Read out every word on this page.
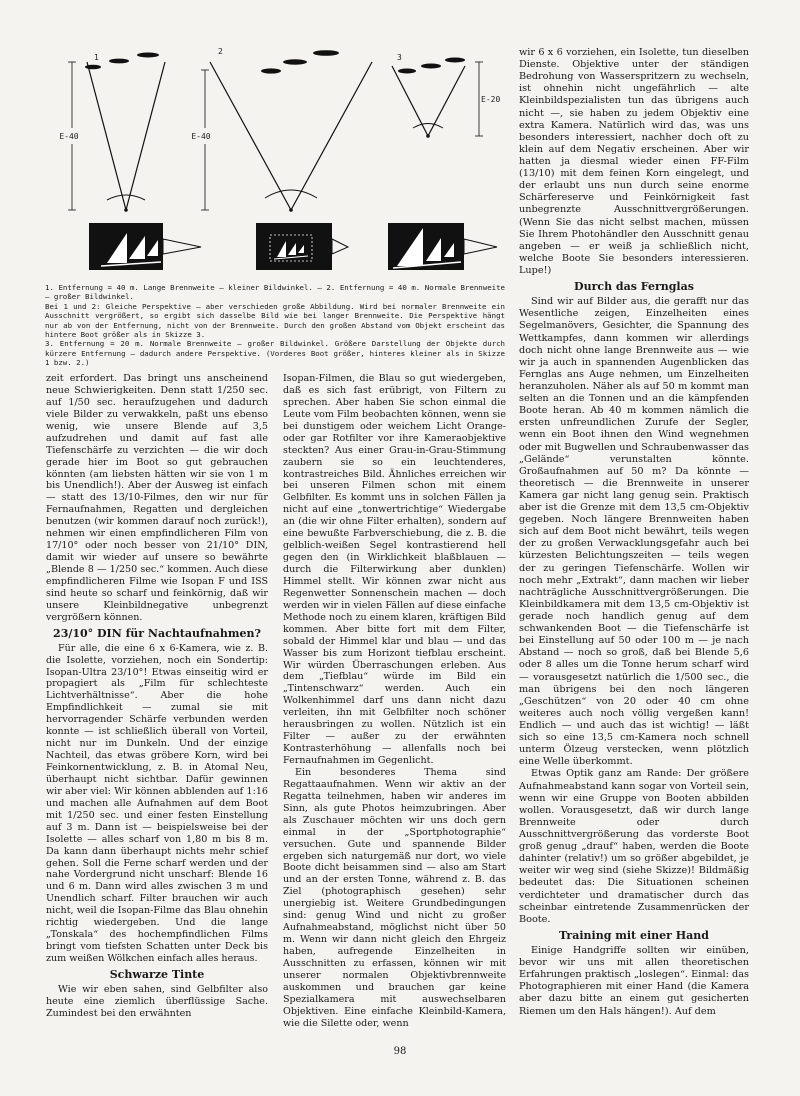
1
E-40
2
E-40
3
E-20

1. Entfernung = 40 m. Lange Brennweite — kleiner Bildwinkel. — 2. Entfernung = 40 m. Normale Brennweite — großer Bildwinkel.

Bei 1 und 2: Gleiche Perspektive — aber verschieden große Abbildung. Wird bei normaler Brennweite ein Ausschnitt vergrößert, so ergibt sich dasselbe Bild wie bei langer Brennweite. Die Perspektive hängt nur ab von der Entfernung, nicht von der Brennweite. Durch den großen Abstand vom Objekt erscheint das hintere Boot größer als in Skizze 3.

3. Entfernung = 20 m. Normale Brennweite — großer Bildwinkel. Größere Darstellung der Objekte durch kürzere Entfernung — dadurch andere Perspektive. (Vorderes Boot größer, hinteres kleiner als in Skizze 1 bzw. 2.)

zeit erfordert. Das bringt uns anscheinend neue Schwierigkeiten. Denn statt 1/250 sec. auf 1/50 sec. heraufzugehen und dadurch viele Bilder zu verwakkeln, paßt uns ebenso wenig, wie unsere Blende auf 3,5 aufzudrehen und damit auf fast alle Tiefenschärfe zu verzichten — die wir doch gerade hier im Boot so gut gebrauchen könnten (am liebsten hätten wir sie von 1 m bis Unendlich!). Aber der Ausweg ist einfach — statt des 13/10-Filmes, den wir nur für Fernaufnahmen, Regatten und dergleichen benutzen (wir kommen darauf noch zurück!), nehmen wir einen empfindlicheren Film von 17/10° oder noch besser von 21/10° DIN, damit wir wieder auf unsere so bewährte „Blende 8 — 1/250 sec.“ kommen. Auch diese empfindlicheren Filme wie Isopan F und ISS sind heute so scharf und feinkörnig, daß wir unsere Kleinbildnegative unbegrenzt vergrößern können.

23/10° DIN für Nachtaufnahmen?

Für alle, die eine 6 x 6-Kamera, wie z. B. die Isolette, vorziehen, noch ein Sondertip: Isopan-Ultra 23/10°! Etwas einseitig wird er propagiert als „Film für schlechteste Lichtverhältnisse“. Aber die hohe Empfindlichkeit — zumal sie mit hervorragender Schärfe verbunden werden konnte — ist schließlich überall von Vorteil, nicht nur im Dunkeln. Und der einzige Nachteil, das etwas gröbere Korn, wird bei Feinkornentwicklung, z. B. in Atomal Neu, überhaupt nicht sichtbar. Dafür gewinnen wir aber viel: Wir können abblenden auf 1:16 und machen alle Aufnahmen auf dem Boot mit 1/250 sec. und einer festen Einstellung auf 3 m. Dann ist — beispielsweise bei der Isolette — alles scharf von 1,80 m bis 8 m. Da kann dann überhaupt nichts mehr schief gehen. Soll die Ferne scharf werden und der nahe Vordergrund nicht unscharf: Blende 16 und 6 m. Dann wird alles zwischen 3 m und Unendlich scharf. Filter brauchen wir auch nicht, weil die Isopan-Filme das Blau ohnehin richtig wiedergeben. Und die lange „Tonskala“ des hochempfindlichen Films bringt vom tiefsten Schatten unter Deck bis zum weißen Wölkchen einfach alles heraus.

Schwarze Tinte

Wie wir eben sahen, sind Gelbfilter also heute eine ziemlich überflüssige Sache. Zumindest bei den erwähnten

Isopan-Filmen, die Blau so gut wiedergeben, daß es sich fast erübrigt, von Filtern zu sprechen. Aber haben Sie schon einmal die Leute vom Film beobachten können, wenn sie bei dunstigem oder weichem Licht Orange- oder gar Rotfilter vor ihre Kameraobjektive steckten? Aus einer Grau-in-Grau-Stimmung zaubern sie so ein leuchtenderes, kontrastreiches Bild. Ähnliches erreichen wir bei unseren Filmen schon mit einem Gelbfilter. Es kommt uns in solchen Fällen ja nicht auf eine „tonwertrichtige“ Wiedergabe an (die wir ohne Filter erhalten), sondern auf eine bewußte Farbverschiebung, die z. B. die gelblich-weißen Segel kontrastierend hell gegen den (in Wirklichkeit blaßblauen — durch die Filterwirkung aber dunklen) Himmel stellt. Wir können zwar nicht aus Regenwetter Sonnenschein machen — doch werden wir in vielen Fällen auf diese einfache Methode noch zu einem klaren, kräftigen Bild kommen. Aber bitte fort mit dem Filter, sobald der Himmel klar und blau — und das Wasser bis zum Horizont tiefblau erscheint. Wir würden Überraschungen erleben. Aus dem „Tiefblau“ würde im Bild ein „Tintenschwarz“ werden. Auch ein Wolkenhimmel darf uns dann nicht dazu verleiten, ihn mit Gelbfilter noch schöner herausbringen zu wollen. Nützlich ist ein Filter — außer zu der erwähnten Kontrasterhöhung — allenfalls noch bei Fernaufnahmen im Gegenlicht.

Ein besonderes Thema sind Regattaaufnahmen. Wenn wir aktiv an der Regatta teilnehmen, haben wir anderes im Sinn, als gute Photos heimzubringen. Aber als Zuschauer möchten wir uns doch gern einmal in der „Sportphotographie“ versuchen. Gute und spannende Bilder ergeben sich naturgemäß nur dort, wo viele Boote dicht beisammen sind — also am Start und an der ersten Tonne, während z. B. das Ziel (photographisch gesehen) sehr unergiebig ist. Weitere Grundbedingungen sind: genug Wind und nicht zu großer Aufnahmeabstand, möglichst nicht über 50 m. Wenn wir dann nicht gleich den Ehrgeiz haben, aufregende Einzelheiten in Ausschnitten zu erfassen, können wir mit unserer normalen Objektivbrennweite auskommen und brauchen gar keine Spezialkamera mit auswechselbaren Objektiven. Eine einfache Kleinbild-Kamera, wie die Silette oder, wenn

wir 6 x 6 vorziehen, ein Isolette, tun dieselben Dienste. Objektive unter der ständigen Bedrohung von Wasserspritzern zu wechseln, ist ohnehin nicht ungefährlich — alte Kleinbildspezialisten tun das übrigens auch nicht —, sie haben zu jedem Objektiv eine extra Kamera. Natürlich wird das, was uns besonders interessiert, nachher doch oft zu klein auf dem Negativ erscheinen. Aber wir hatten ja diesmal wieder einen FF-Film (13/10) mit dem feinen Korn eingelegt, und der erlaubt uns nun durch seine enorme Schärfereserve und Feinkörnigkeit fast unbegrenzte Ausschnittvergrößerungen. (Wenn Sie das nicht selbst machen, müssen Sie Ihrem Photohändler den Ausschnitt genau angeben — er weiß ja schließlich nicht, welche Boote Sie besonders interessieren. Lupe!)

Durch das Fernglas

Sind wir auf Bilder aus, die gerafft nur das Wesentliche zeigen, Einzelheiten eines Segelmanövers, Gesichter, die Spannung des Wettkampfes, dann kommen wir allerdings doch nicht ohne lange Brennweite aus — wie wir ja auch in spannenden Augenblicken das Fernglas ans Auge nehmen, um Einzelheiten heranzuholen. Näher als auf 50 m kommt man selten an die Tonnen und an die kämpfenden Boote heran. Ab 40 m kommen nämlich die ersten unfreundlichen Zurufe der Segler, wenn ein Boot ihnen den Wind wegnehmen oder mit Bugwellen und Schraubenwasser das „Gelände“ verunstalten könnte. Großaufnahmen auf 50 m? Da könnte — theoretisch — die Brennweite in unserer Kamera gar nicht lang genug sein. Praktisch aber ist die Grenze mit dem 13,5 cm-Objektiv gegeben. Noch längere Brennweiten haben sich auf dem Boot nicht bewährt, teils wegen der zu großen Verwacklungsgefahr auch bei kürzesten Belichtungszeiten — teils wegen der zu geringen Tiefenschärfe. Wollen wir noch mehr „Extrakt“, dann machen wir lieber nachträgliche Ausschnittvergrößerungen. Die Kleinbildkamera mit dem 13,5 cm-Objektiv ist gerade noch handlich genug auf dem schwankenden Boot — die Tiefenschärfe ist bei Einstellung auf 50 oder 100 m — je nach Abstand — noch so groß, daß bei Blende 5,6 oder 8 alles um die Tonne herum scharf wird — vorausgesetzt natürlich die 1/500 sec., die man übrigens bei den noch längeren „Geschützen“ von 20 oder 40 cm ohne weiteres auch noch völlig vergeßen kann! Endlich — und auch das ist wichtig! — läßt sich so eine 13,5 cm-Kamera noch schnell unterm Ölzeug verstecken, wenn plötzlich eine Welle überkommt.

Etwas Optik ganz am Rande: Der größere Aufnahmeabstand kann sogar von Vorteil sein, wenn wir eine Gruppe von Booten abbilden wollen. Vorausgesetzt, daß wir durch lange Brennweite oder durch Ausschnittvergrößerung das vorderste Boot groß genug „drauf“ haben, werden die Boote dahinter (relativ!) um so größer abgebildet, je weiter wir weg sind (siehe Skizze)! Bildmäßig bedeutet das: Die Situationen scheinen verdichteter und dramatischer durch das scheinbar eintretende Zusammenrücken der Boote.

Training mit einer Hand

Einige Handgriffe sollten wir einüben, bevor wir uns mit allen theoretischen Erfahrungen praktisch „loslegen“. Einmal: das Photographieren mit einer Hand (die Kamera aber dazu bitte an einem gut gesicherten Riemen um den Hals hängen!). Auf dem

98
